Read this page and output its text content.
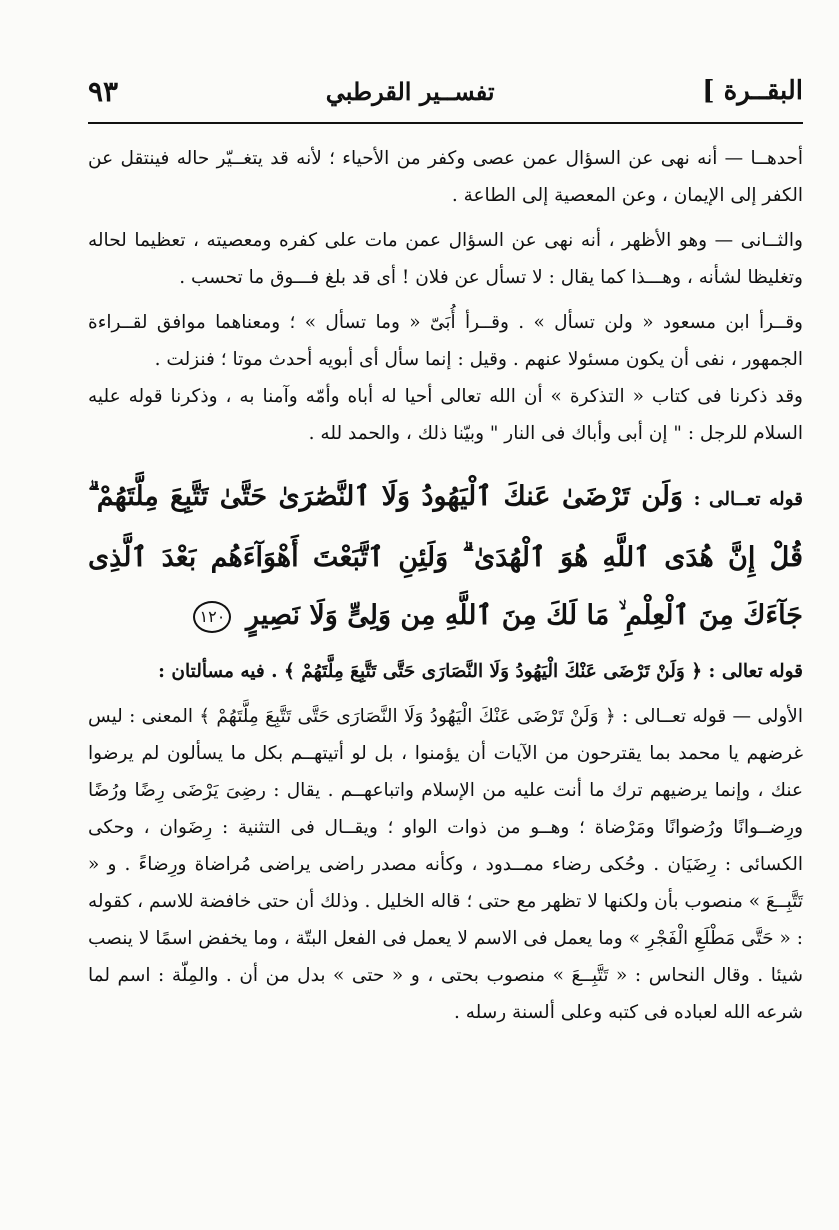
البقــرة ]
تفســير القرطبي
٩٣

أحدهــا — أنه نهى عن السؤال عمن عصى وكفر من الأحياء ؛ لأنه قد يتغــيّر حاله فينتقل عن الكفر إلى الإيمان ، وعن المعصية إلى الطاعة .

والثــانى — وهو الأظهر ، أنه نهى عن السؤال عمن مات على كفره ومعصيته ، تعظيما لحاله وتغليظا لشأنه ، وهـــذا كما يقال : لا تسأل عن فلان ! أى قد بلغ فـــوق ما تحسب .

وقــرأ ابن مسعود « ولن تسأل » . وقــرأ أُبَىّ « وما تسأل » ؛ ومعناهما موافق لقــراءة الجمهور ، نفى أن يكون مسئولا عنهم . وقيل : إنما سأل أى أبويه أحدث موتا ؛ فنزلت .

وقد ذكرنا فى كتاب « التذكرة » أن الله تعالى أحيا له أباه وأمّه وآمنا به ، وذكرنا قوله عليه السلام للرجل : " إن أبى وأباك فى النار " وبيّنا ذلك ، والحمد لله .

قوله تعــالى : وَلَن تَرْضَىٰ عَنكَ ٱلْيَهُودُ وَلَا ٱلنَّصَٰرَىٰ حَتَّىٰ تَتَّبِعَ مِلَّتَهُمْ ۗ قُلْ إِنَّ هُدَى ٱللَّهِ هُوَ ٱلْهُدَىٰ ۗ وَلَئِنِ ٱتَّبَعْتَ أَهْوَآءَهُم بَعْدَ ٱلَّذِى جَآءَكَ مِنَ ٱلْعِلْمِ ۙ مَا لَكَ مِنَ ٱللَّهِ مِن وَلِىٍّ وَلَا نَصِيرٍ ١٢٠

قوله تعالى : ﴿ وَلَنْ تَرْضَى عَنْكَ الْيَهُودُ وَلَا النَّصَارَى حَتَّى تَتَّبِعَ مِلَّتَهُمْ ﴾ . فيه مسألتان :

الأولى — قوله تعــالى : ﴿ وَلَنْ تَرْضَى عَنْكَ الْيَهُودُ وَلَا النَّصَارَى حَتَّى تَتَّبِعَ مِلَّتَهُمْ ﴾ المعنى : ليس غرضهم يا محمد بما يقترحون من الآيات أن يؤمنوا ، بل لو أتيتهــم بكل ما يسألون لم يرضوا عنك ، وإنما يرضيهم ترك ما أنت عليه من الإسلام واتباعهــم . يقال : رضِىَ يَرْضَى رِضًا ورُضًا ورِضــوانًا ورُضوانًا ومَرْضاة ؛ وهــو من ذوات الواو ؛ ويقــال فى التثنية : رِضَوان ، وحكى الكسائى : رِضَيَان . وحُكى رضاء ممــدود ، وكأنه مصدر راضى يراضى مُراضاة ورِضاءً . و « تَتَّبِــعَ » منصوب بأن ولكنها لا تظهر مع حتى ؛ قاله الخليل . وذلك أن حتى خافضة للاسم ، كقوله : « حَتَّى مَطْلَعِ الْفَجْرِ » وما يعمل فى الاسم لا يعمل فى الفعل البتّة ، وما يخفض اسمًا لا ينصب شيئا . وقال النحاس : « تَتَّبِــعَ » منصوب بحتى ، و « حتى » بدل من أن . والمِلّة : اسم لما شرعه الله لعباده فى كتبه وعلى ألسنة رسله .
